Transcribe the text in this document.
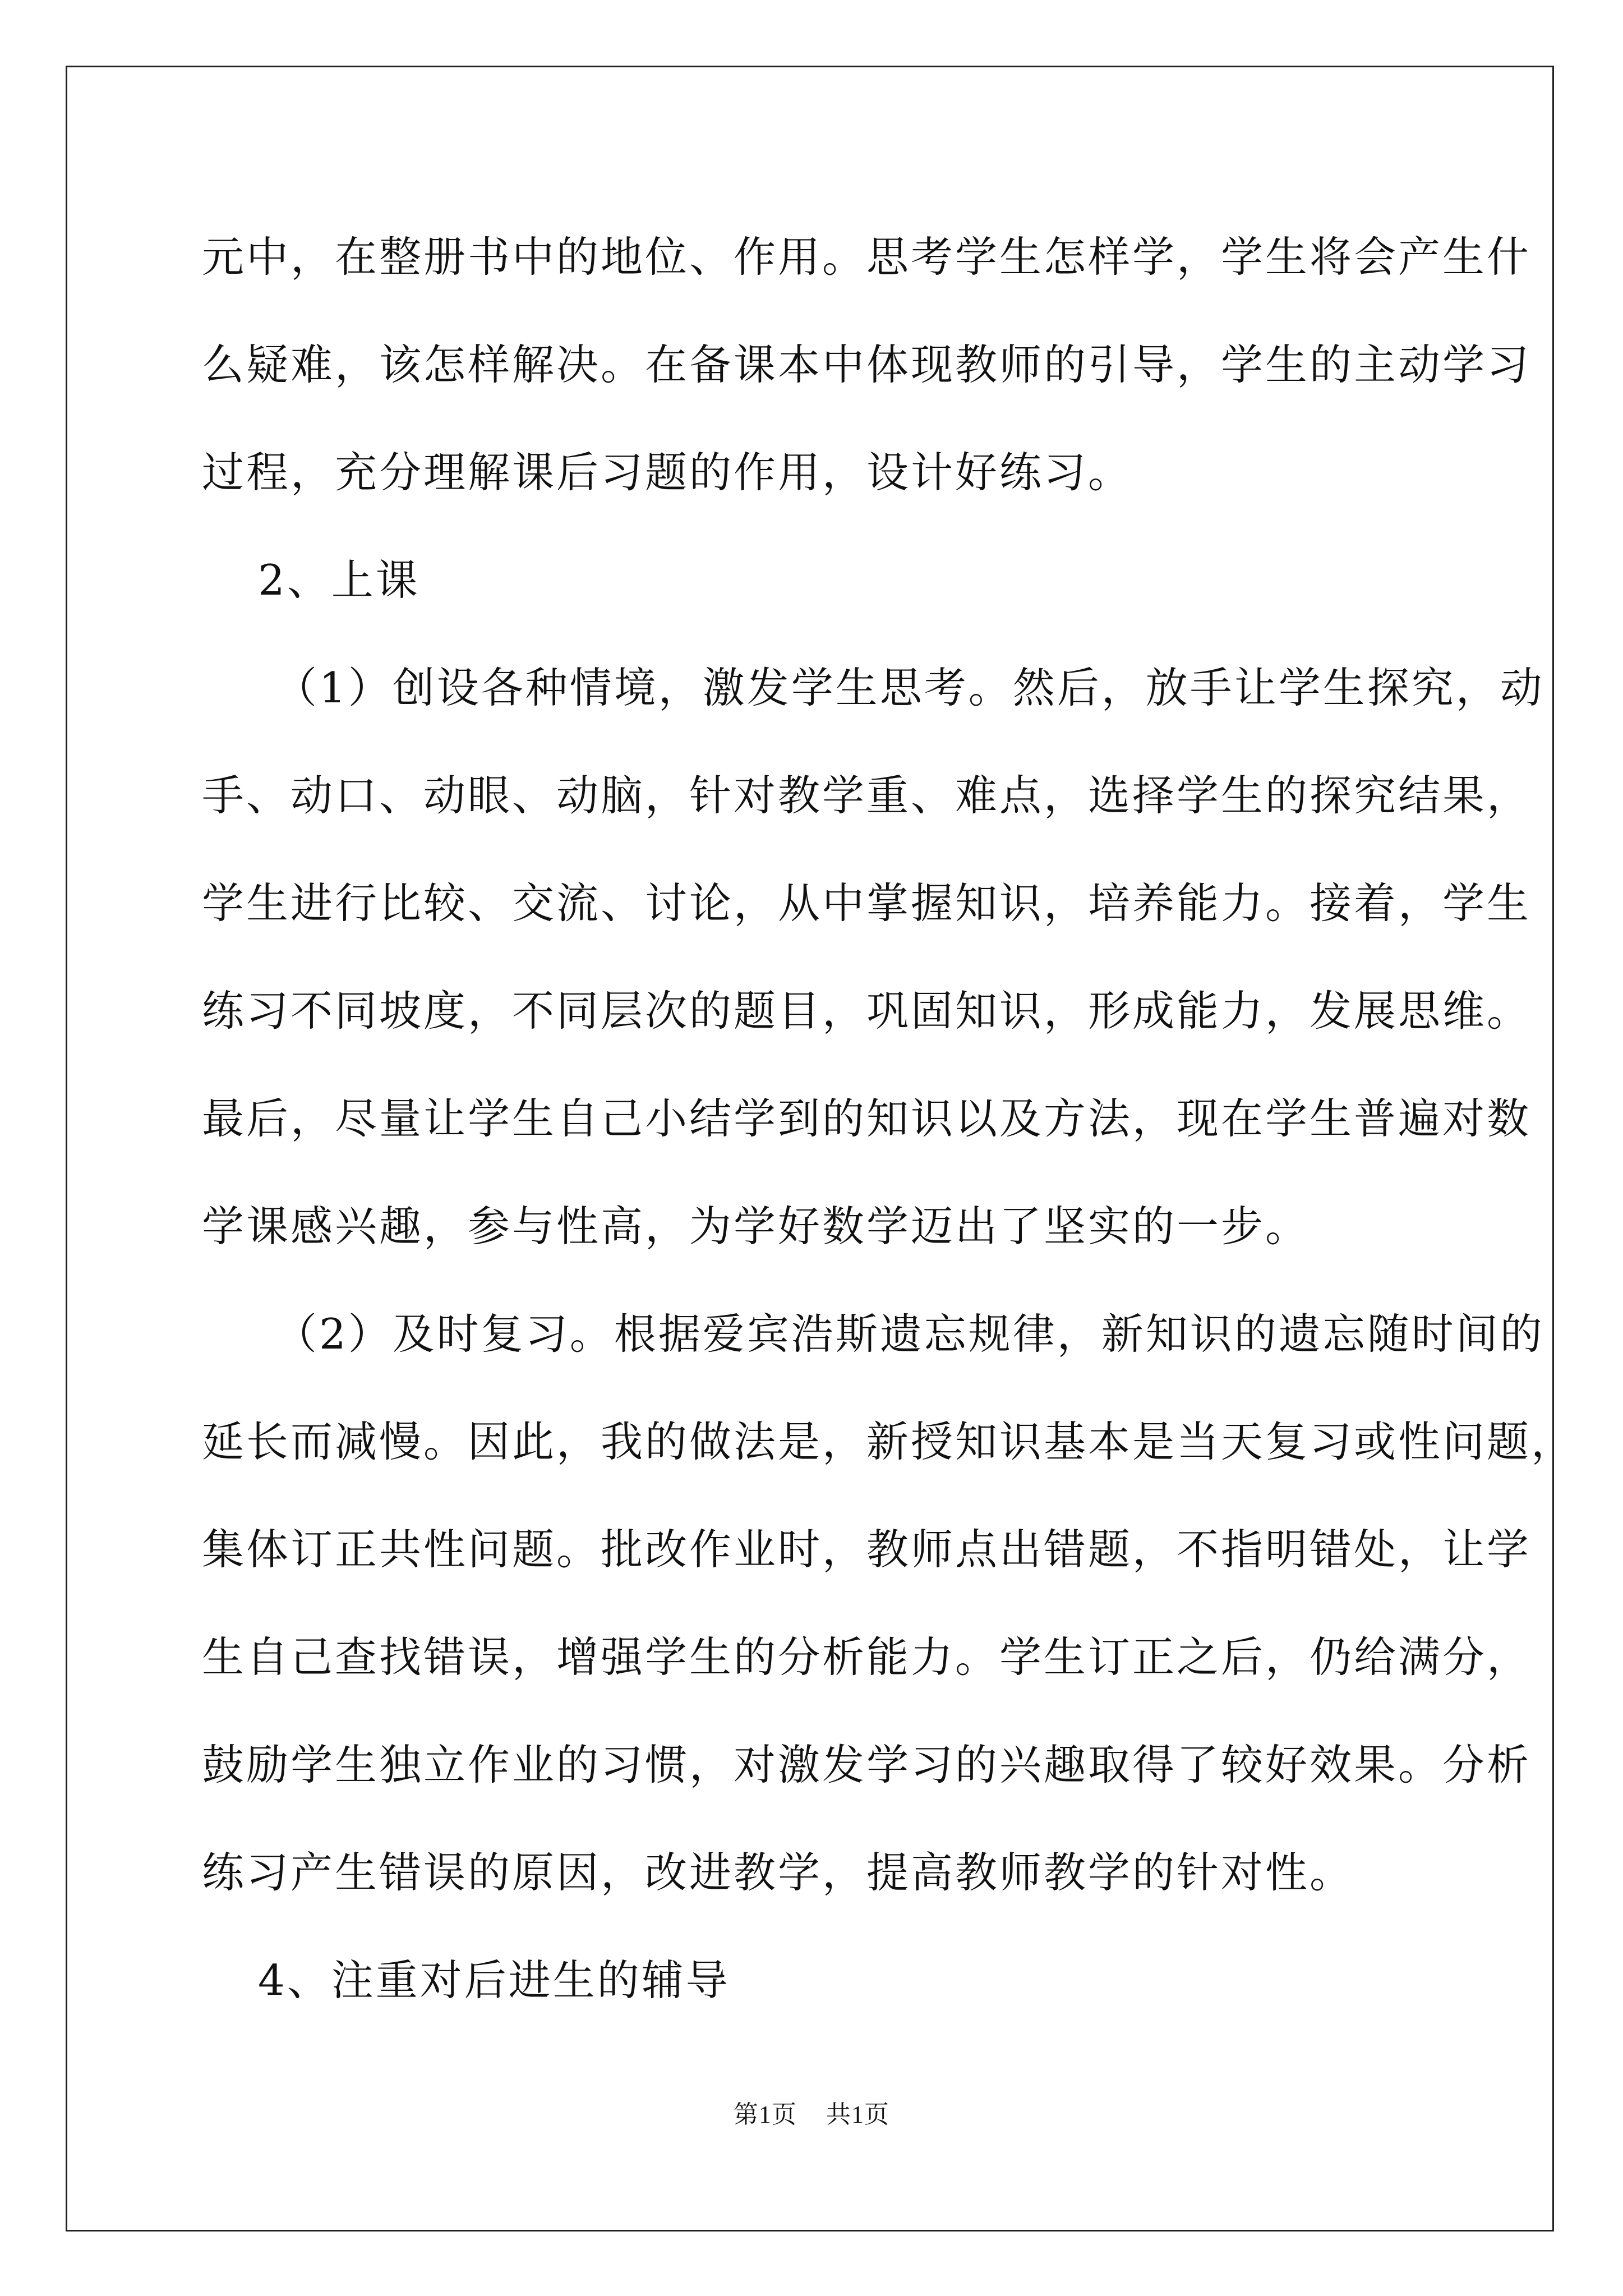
元中，在整册书中的地位、作用。思考学生怎样学，学生将会产生什

么疑难，该怎样解决。在备课本中体现教师的引导，学生的主动学习

过程，充分理解课后习题的作用，设计好练习。

2、上课

（1）创设各种情境，激发学生思考。然后，放手让学生探究，动

手、动口、动眼、动脑，针对教学重、难点，选择学生的探究结果，

学生进行比较、交流、讨论，从中掌握知识，培养能力。接着，学生

练习不同坡度，不同层次的题目，巩固知识，形成能力，发展思维。

最后，尽量让学生自己小结学到的知识以及方法，现在学生普遍对数

学课感兴趣，参与性高，为学好数学迈出了坚实的一步。

（2）及时复习。根据爱宾浩斯遗忘规律，新知识的遗忘随时间的

延长而减慢。因此，我的做法是，新授知识基本是当天复习或性问题，

集体订正共性问题。批改作业时，教师点出错题，不指明错处，让学

生自己查找错误，增强学生的分析能力。学生订正之后，仍给满分，

鼓励学生独立作业的习惯，对激发学习的兴趣取得了较好效果。分析

练习产生错误的原因，改进教学，提高教师教学的针对性。

4、注重对后进生的辅导

第1页 共1页
